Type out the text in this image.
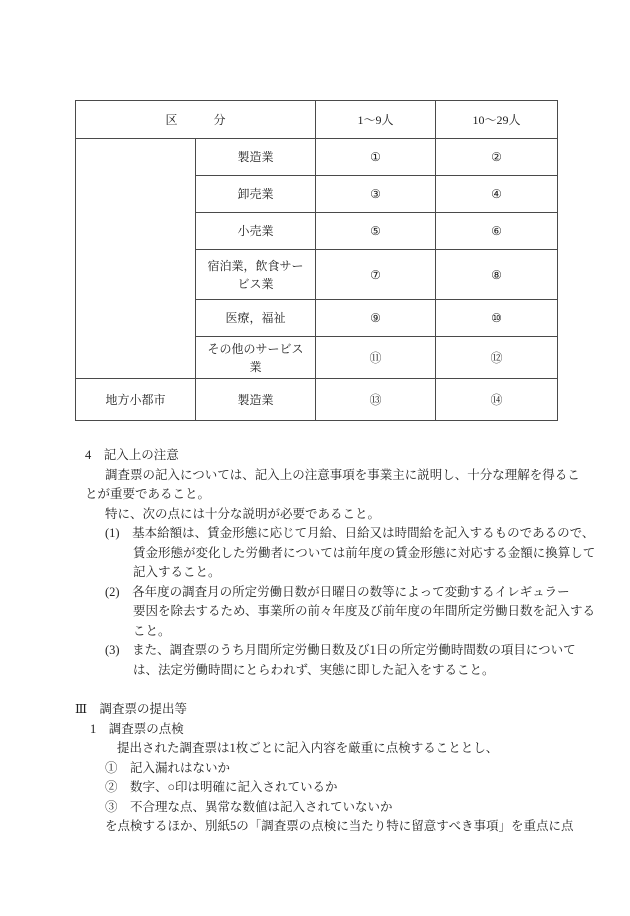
区　　　分		1～9人	10～29人
	製造業	①	②
	卸売業	③	④
	小売業	⑤	⑥
	宿泊業，飲食サービス業	⑦	⑧
	医療，福祉	⑨	⑩
	その他のサービス業	⑪	⑫
地方小都市	製造業	⑬	⑭
4　記入上の注意
調査票の記入については、記入上の注意事項を事業主に説明し、十分な理解を得るこ
とが重要であること。
特に、次の点には十分な説明が必要であること。
(1)　基本給額は、賃金形態に応じて月給、日給又は時間給を記入するものであるので、
賃金形態が変化した労働者については前年度の賃金形態に対応する金額に換算して
記入すること。
(2)　各年度の調査月の所定労働日数が日曜日の数等によって変動するイレギュラー
要因を除去するため、事業所の前々年度及び前年度の年間所定労働日数を記入する
こと。
(3)　また、調査票のうち月間所定労働日数及び1日の所定労働時間数の項目について
は、法定労働時間にとらわれず、実態に即した記入をすること。
Ⅲ　調査票の提出等
1　調査票の点検
提出された調査票は1枚ごとに記入内容を厳重に点検することとし、
①　記入漏れはないか
②　数字、○印は明確に記入されているか
③　不合理な点、異常な数値は記入されていないか
を点検するほか、別紙5の「調査票の点検に当たり特に留意すべき事項」を重点に点
